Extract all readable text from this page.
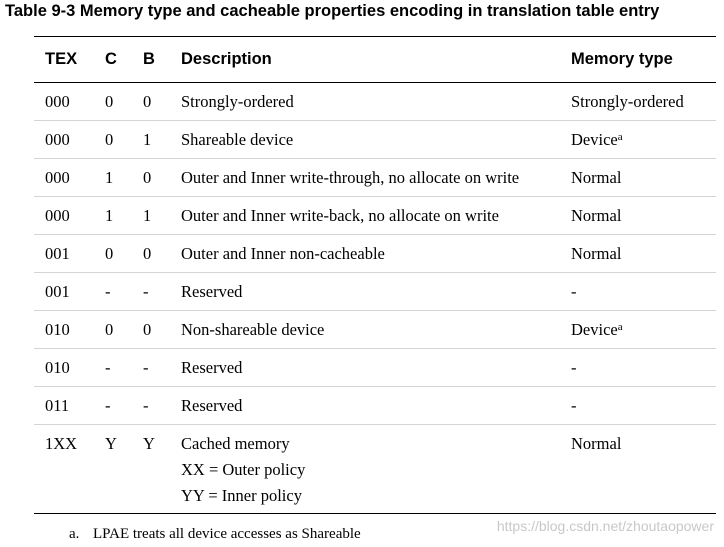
Table 9-3 Memory type and cacheable properties encoding in translation table entry
TEX	C	B	Description	Memory type
000	0	0	Strongly-ordered	Strongly-ordered
000	0	1	Shareable device	Device$^a$
000	1	0	Outer and Inner write-through, no allocate on write	Normal
000	1	1	Outer and Inner write-back, no allocate on write	Normal
001	0	0	Outer and Inner non-cacheable	Normal
001	-	-	Reserved	-
010	0	0	Non-shareable device	Device$^a$
010	-	-	Reserved	-
011	-	-	Reserved	-
1XX	Y	Y	Cached memory
XX = Outer policy
YY = Inner policy	Normal
a. LPAE treats all device accesses as Shareable	https://blog.csdn.net/zhoutaopower
